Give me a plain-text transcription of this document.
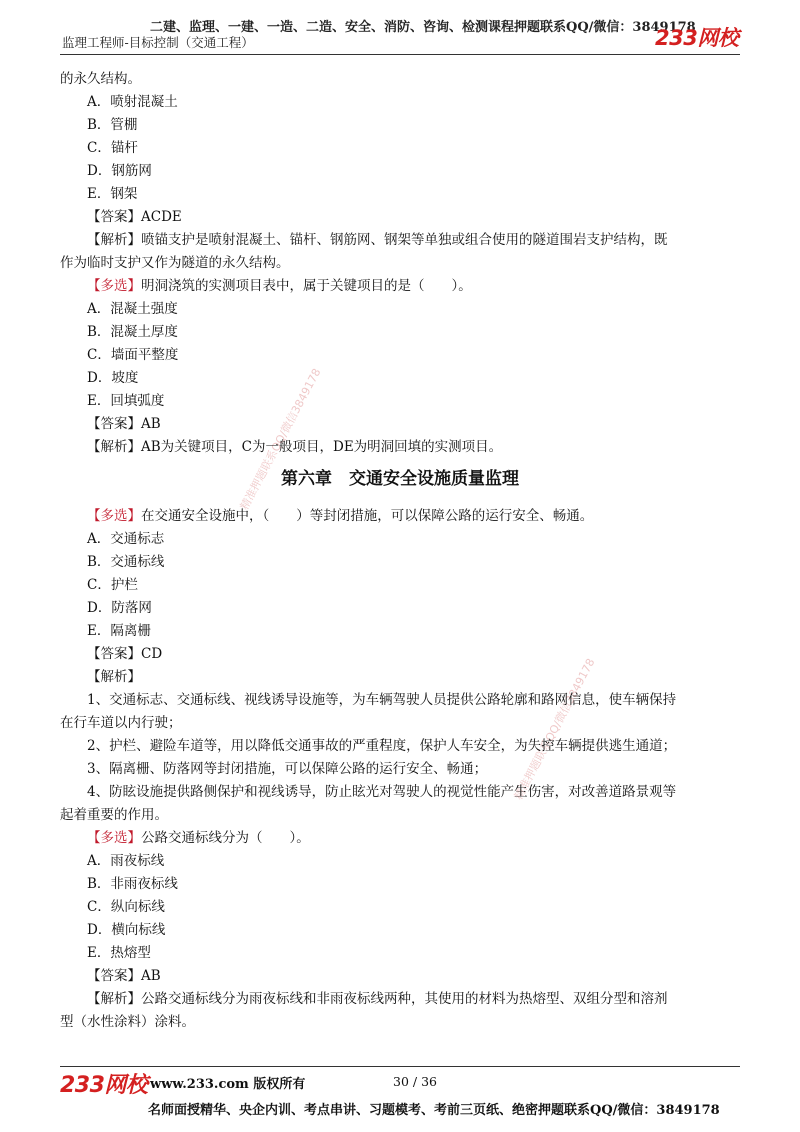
二建、监理、一建、一造、二造、安全、消防、咨询、检测课程押题联系QQ/微信：3849178
监理工程师-目标控制（交通工程）	233网校
精准押题联系QQ/微信3849178
精准押题联系QQ/微信3849178
的永久结构。
A．喷射混凝土
B．管棚
C．锚杆
D．钢筋网
E．钢架
【答案】ACDE
【解析】喷锚支护是喷射混凝土、锚杆、钢筋网、钢架等单独或组合使用的隧道围岩支护结构，既
作为临时支护又作为隧道的永久结构。
【多选】明洞浇筑的实测项目表中，属于关键项目的是（　　）。
A．混凝土强度
B．混凝土厚度
C．墙面平整度
D．坡度
E．回填弧度
【答案】AB
【解析】AB为关键项目，C为一般项目，DE为明洞回填的实测项目。
第六章　交通安全设施质量监理
【多选】在交通安全设施中，（　　）等封闭措施，可以保障公路的运行安全、畅通。
A．交通标志
B．交通标线
C．护栏
D．防落网
E．隔离栅
【答案】CD
【解析】
1、交通标志、交通标线、视线诱导设施等，为车辆驾驶人员提供公路轮廓和路网信息，使车辆保持
在行车道以内行驶；
2、护栏、避险车道等，用以降低交通事故的严重程度，保护人车安全，为失控车辆提供逃生通道；
3、隔离栅、防落网等封闭措施，可以保障公路的运行安全、畅通；
4、防眩设施提供路侧保护和视线诱导，防止眩光对驾驶人的视觉性能产生伤害，对改善道路景观等
起着重要的作用。
【多选】公路交通标线分为（　　）。
A．雨夜标线
B．非雨夜标线
C．纵向标线
D．横向标线
E．热熔型
【答案】AB
【解析】公路交通标线分为雨夜标线和非雨夜标线两种，其使用的材料为热熔型、双组分型和溶剂
型（水性涂料）涂料。
233网校 www.233.com 版权所有	30 / 36
名师面授精华、央企内训、考点串讲、习题模考、考前三页纸、绝密押题联系QQ/微信：3849178
